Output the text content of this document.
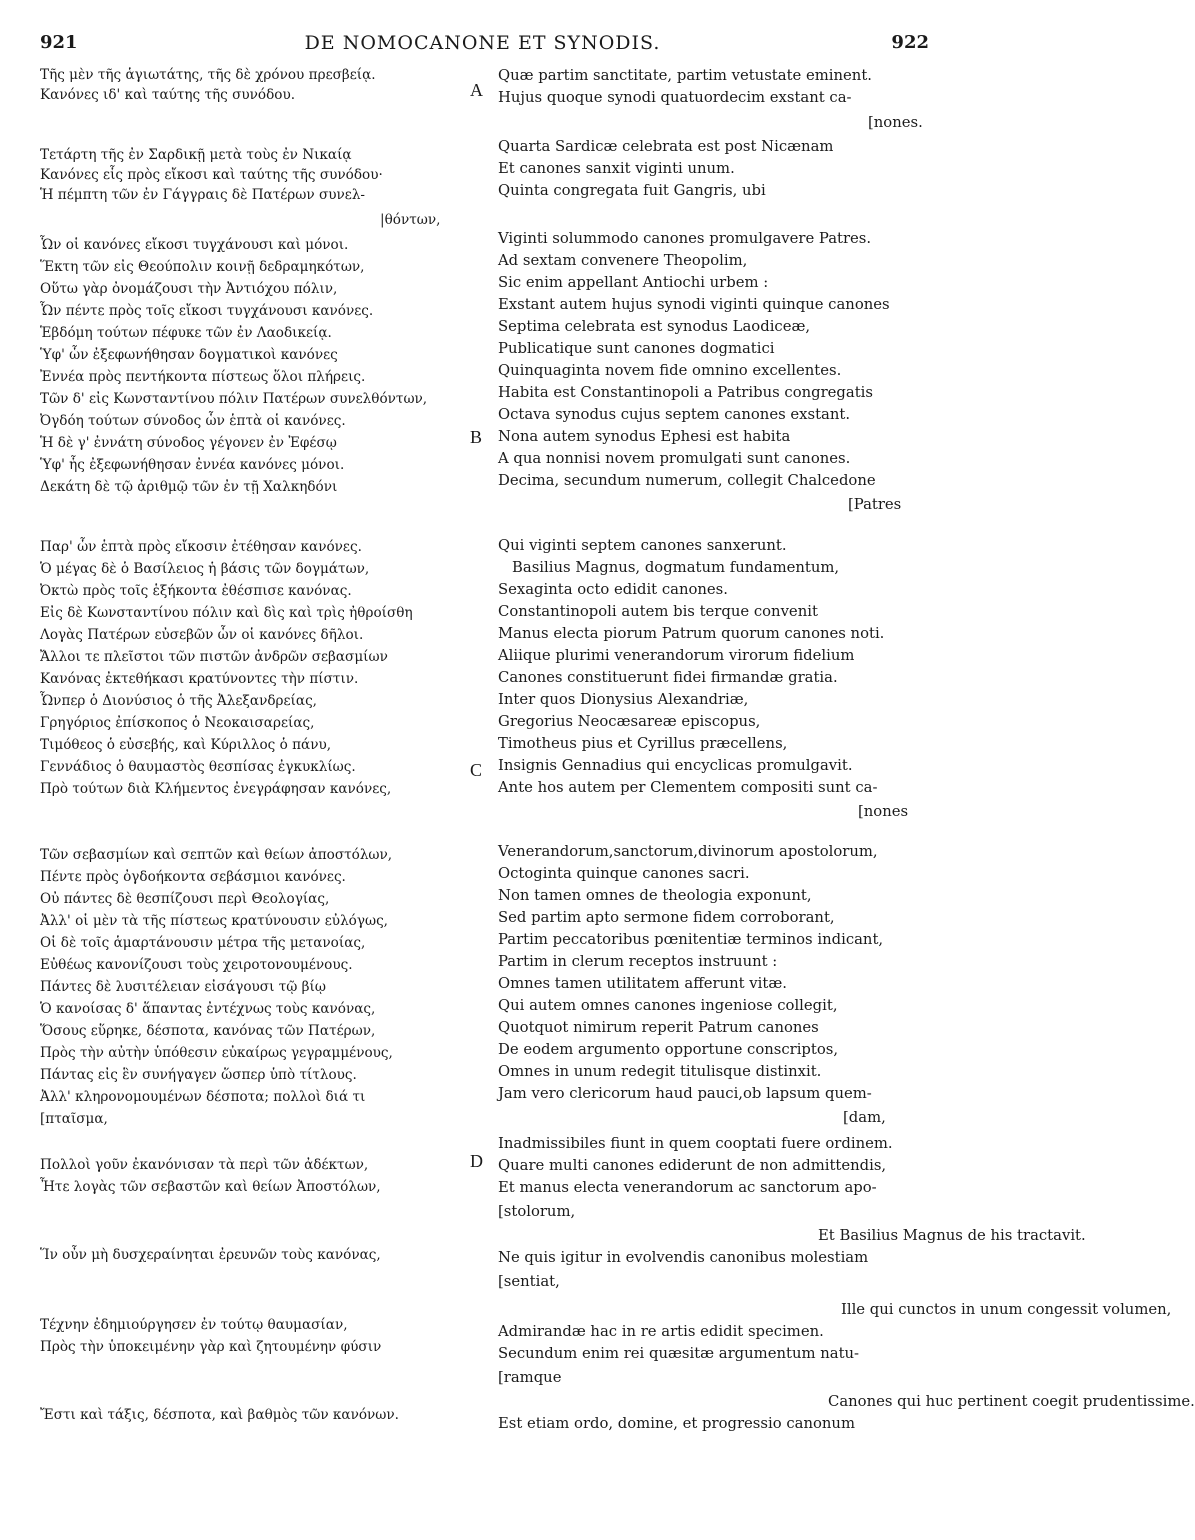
921	DE NOMOCANONE ET SYNODIS.	922
Τῆς μὲν τῆς ἁγιωτάτης, τῆς δὲ χρόνου πρεσβείᾳ.
Κανόνες ιδ' καὶ ταύτης τῆς συνόδου.
Τετάρτη τῆς ἐν Σαρδικῇ μετὰ τοὺς ἐν Νικαίᾳ
Κανόνες εἷς πρὸς εἴκοσι καὶ ταύτης τῆς συνόδου·
Ἡ πέμπτη τῶν ἐν Γάγγραις δὲ Πατέρων συνελ-
|θόντων,
Ὧν οἱ κανόνες εἴκοσι τυγχάνουσι καὶ μόνοι.
Ἕκτη τῶν εἰς Θεούπολιν κοινῇ δεδραμηκότων,
Οὕτω γὰρ ὀνομάζουσι τὴν Ἀντιόχου πόλιν,
Ὧν πέντε πρὸς τοῖς εἴκοσι τυγχάνουσι κανόνες.
Ἑβδόμη τούτων πέφυκε τῶν ἐν Λαοδικείᾳ.
Ὑφ' ὧν ἐξεφωνήθησαν δογματικοὶ κανόνες
Ἐννέα πρὸς πεντήκοντα πίστεως ὅλοι πλήρεις.
Τῶν δ' εἰς Κωνσταντίνου πόλιν Πατέρων συνελθόντων,
Ὀγδόη τούτων σύνοδος ὧν ἑπτὰ οἱ κανόνες.
Ἡ δὲ γ' ἐννάτη σύνοδος γέγονεν ἐν Ἐφέσῳ
Ὑφ' ἧς ἐξεφωνήθησαν ἐννέα κανόνες μόνοι.
Δεκάτη δὲ τῷ ἀριθμῷ τῶν ἐν τῇ Χαλκηδόνι
Παρ' ὧν ἑπτὰ πρὸς εἴκοσιν ἐτέθησαν κανόνες.
Ὁ μέγας δὲ ὁ Βασίλειος ἡ βάσις τῶν δογμάτων,
Ὀκτὼ πρὸς τοῖς ἑξήκοντα ἐθέσπισε κανόνας.
Εἰς δὲ Κωνσταντίνου πόλιν καὶ δὶς καὶ τρὶς ἠθροίσθη
Λογὰς Πατέρων εὐσεβῶν ὧν οἱ κανόνες δῆλοι.
Ἄλλοι τε πλεῖστοι τῶν πιστῶν ἀνδρῶν σεβασμίων
Κανόνας ἐκτεθήκασι κρατύνοντες τὴν πίστιν.
Ὧνπερ ὁ Διονύσιος ὁ τῆς Ἀλεξανδρείας,
Γρηγόριος ἐπίσκοπος ὁ Νεοκαισαρείας,
Τιμόθεος ὁ εὐσεβής, καὶ Κύριλλος ὁ πάνυ,
Γεννάδιος ὁ θαυμαστὸς θεσπίσας ἐγκυκλίως.
Πρὸ τούτων διὰ Κλήμεντος ἐνεγράφησαν κανόνες,
Τῶν σεβασμίων καὶ σεπτῶν καὶ θείων ἀποστόλων,
Πέντε πρὸς ὀγδοήκοντα σεβάσμιοι κανόνες.
Οὐ πάντες δὲ θεσπίζουσι περὶ Θεολογίας,
Ἀλλ' οἱ μὲν τὰ τῆς πίστεως κρατύνουσιν εὐλόγως,
Οἱ δὲ τοῖς ἁμαρτάνουσιν μέτρα τῆς μετανοίας,
Εὐθέως κανονίζουσι τοὺς χειροτονουμένους.
Πάντες δὲ λυσιτέλειαν εἰσάγουσι τῷ βίῳ
Ὁ κανοίσας δ' ἅπαντας ἐντέχνως τοὺς κανόνας,
Ὅσους εὕρηκε, δέσποτα, κανόνας τῶν Πατέρων,
Πρὸς τὴν αὐτὴν ὑπόθεσιν εὐκαίρως γεγραμμένους,
Πάντας εἰς ἓν συνήγαγεν ὥσπερ ὑπὸ τίτλους.
Ἀλλ' κληρονομουμένων δέσποτα; πολλοὶ διά τι
[πταῖσμα,
Πολλοὶ γοῦν ἐκανόνισαν τὰ περὶ τῶν ἀδέκτων,
Ἦτε λογὰς τῶν σεβαστῶν καὶ θείων Ἀποστόλων,
Ἵν οὖν μὴ δυσχεραίνηται ἐρευνῶν τοὺς κανόνας,
Τέχνην ἐδημιούργησεν ἐν τούτῳ θαυμασίαν,
Πρὸς τὴν ὑποκειμένην γὰρ καὶ ζητουμένην φύσιν
Ἔστι καὶ τάξις, δέσποτα, καὶ βαθμὸς τῶν κανόνων.
Quæ partim sanctitate, partim vetustate eminent.
Hujus quoque synodi quatuordecim exstant ca-
[nones.
Quarta Sardicæ celebrata est post Nicænam
Et canones sanxit viginti unum.
Quinta congregata fuit Gangris, ubi
Viginti solummodo canones promulgavere Patres.
Ad sextam convenere Theopolim,
Sic enim appellant Antiochi urbem :
Exstant autem hujus synodi viginti quinque canones
Septima celebrata est synodus Laodiceæ,
Publicatique sunt canones dogmatici
Quinquaginta novem fide omnino excellentes.
Habita est Constantinopoli a Patribus congregatis
Octava synodus cujus septem canones exstant.
Nona autem synodus Ephesi est habita
A qua nonnisi novem promulgati sunt canones.
Decima, secundum numerum, collegit Chalcedone
[Patres
Qui viginti septem canones sanxerunt.
Basilius Magnus, dogmatum fundamentum,
Sexaginta octo edidit canones.
Constantinopoli autem bis terque convenit
Manus electa piorum Patrum quorum canones noti.
Aliique plurimi venerandorum virorum fidelium
Canones constituerunt fidei firmandæ gratia.
Inter quos Dionysius Alexandriæ,
Gregorius Neocæsareæ episcopus,
Timotheus pius et Cyrillus præcellens,
Insignis Gennadius qui encyclicas promulgavit.
Ante hos autem per Clementem compositi sunt ca-
[nones
Venerandorum,sanctorum,divinorum apostolorum,
Octoginta quinque canones sacri.
Non tamen omnes de theologia exponunt,
Sed partim apto sermone fidem corroborant,
Partim peccatoribus pœnitentiæ terminos indicant,
Partim in clerum receptos instruunt :
Omnes tamen utilitatem afferunt vitæ.
Qui autem omnes canones ingeniose collegit,
Quotquot nimirum reperit Patrum canones
De eodem argumento opportune conscriptos,
Omnes in unum redegit titulisque distinxit.
Jam vero clericorum haud pauci,ob lapsum quem-
[dam,
Inadmissibiles fiunt in quem cooptati fuere ordinem.
Quare multi canones ediderunt de non admittendis,
Et manus electa venerandorum ac sanctorum apo-
[stolorum,
Et Basilius Magnus de his tractavit.
Ne quis igitur in evolvendis canonibus molestiam
[sentiat,
Ille qui cunctos in unum congessit volumen,
Admirandæ hac in re artis edidit specimen.
Secundum enim rei quæsitæ argumentum natu-
[ramque
Canones qui huc pertinent coegit prudentissime.
Est etiam ordo, domine, et progressio canonum
A
B
C
D
